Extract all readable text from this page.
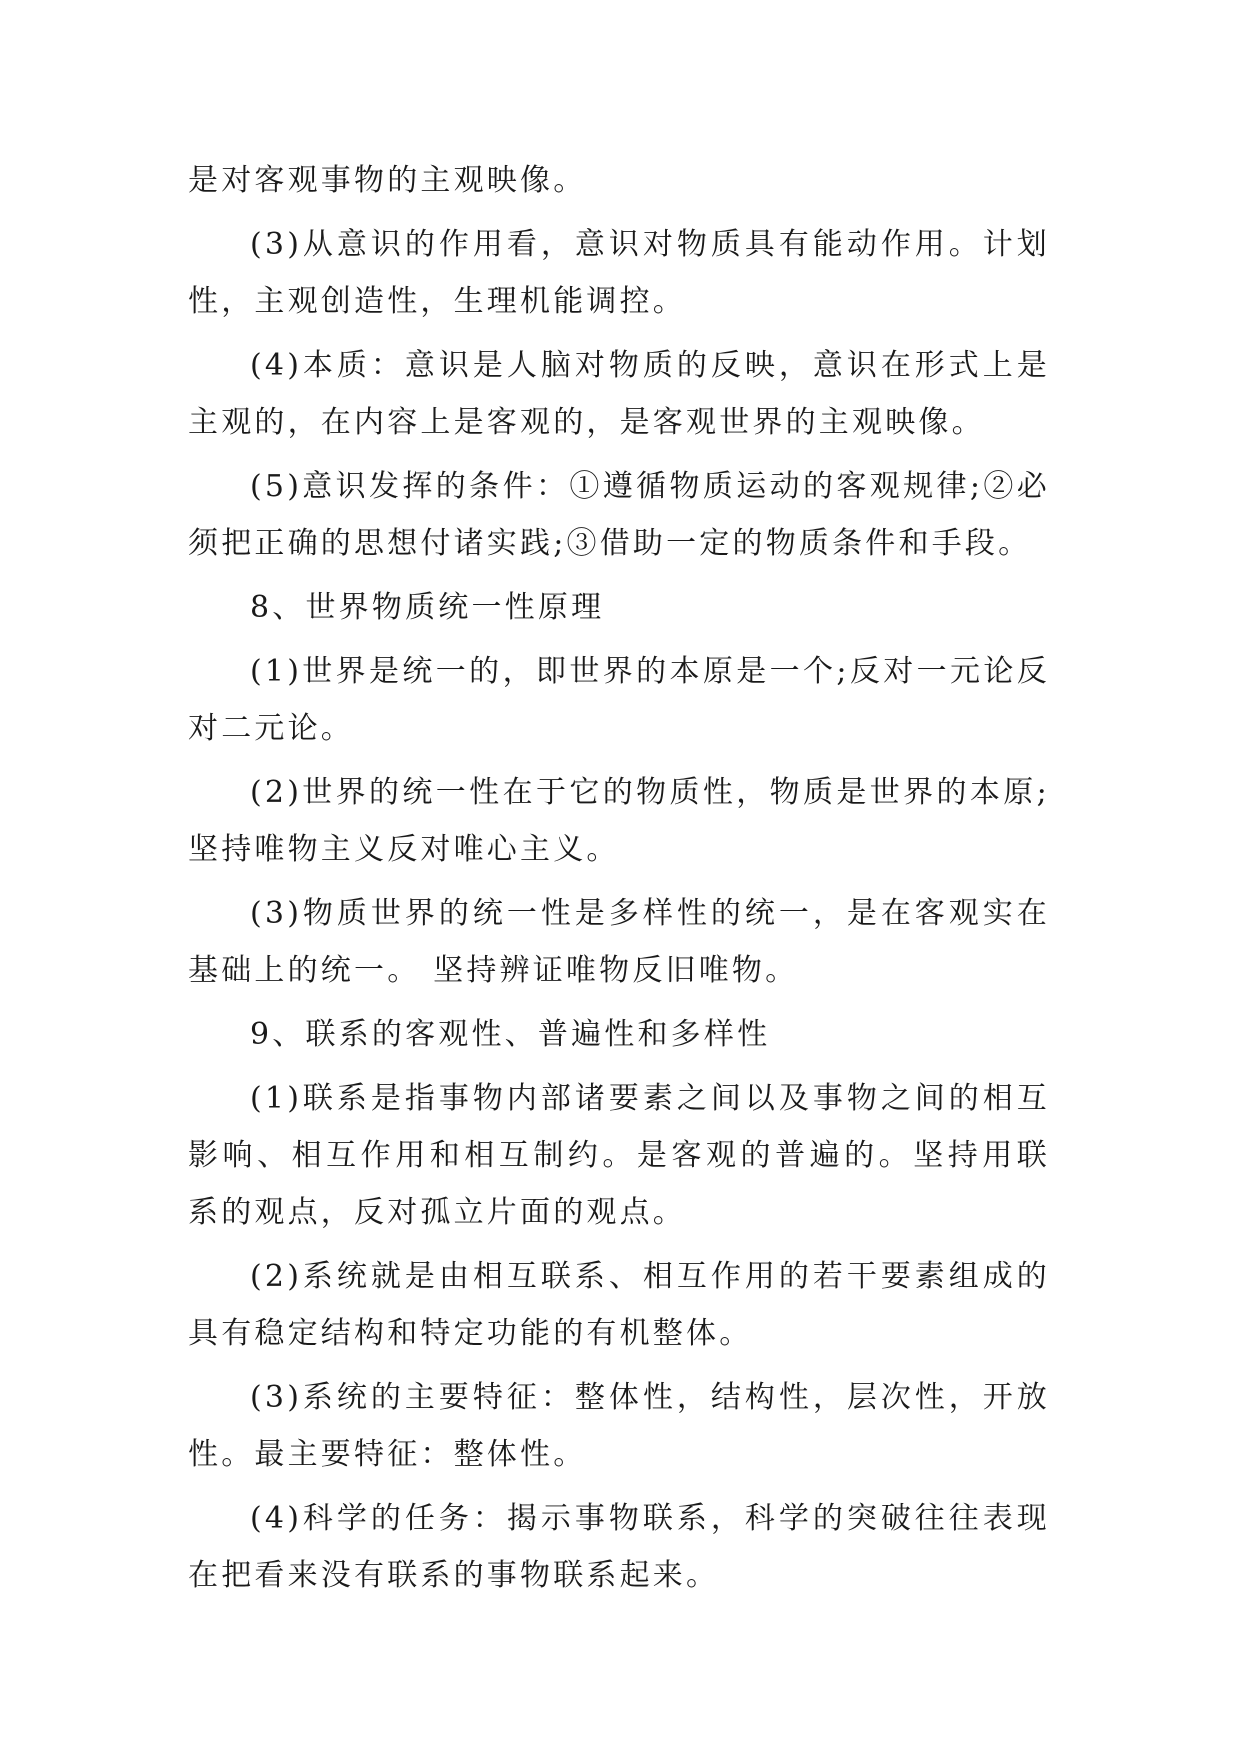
是对客观事物的主观映像。

(3)从意识的作用看，意识对物质具有能动作用。计划性，主观创造性，生理机能调控。

(4)本质：意识是人脑对物质的反映，意识在形式上是主观的，在内容上是客观的，是客观世界的主观映像。

(5)意识发挥的条件：①遵循物质运动的客观规律;②必须把正确的思想付诸实践;③借助一定的物质条件和手段。

8、世界物质统一性原理

(1)世界是统一的，即世界的本原是一个;反对一元论反对二元论。

(2)世界的统一性在于它的物质性，物质是世界的本原;坚持唯物主义反对唯心主义。

(3)物质世界的统一性是多样性的统一，是在客观实在基础上的统一。 坚持辨证唯物反旧唯物。

9、联系的客观性、普遍性和多样性

(1)联系是指事物内部诸要素之间以及事物之间的相互影响、相互作用和相互制约。是客观的普遍的。坚持用联系的观点，反对孤立片面的观点。

(2)系统就是由相互联系、相互作用的若干要素组成的具有稳定结构和特定功能的有机整体。

(3)系统的主要特征：整体性，结构性，层次性，开放性。最主要特征：整体性。

(4)科学的任务：揭示事物联系，科学的突破往往表现在把看来没有联系的事物联系起来。
